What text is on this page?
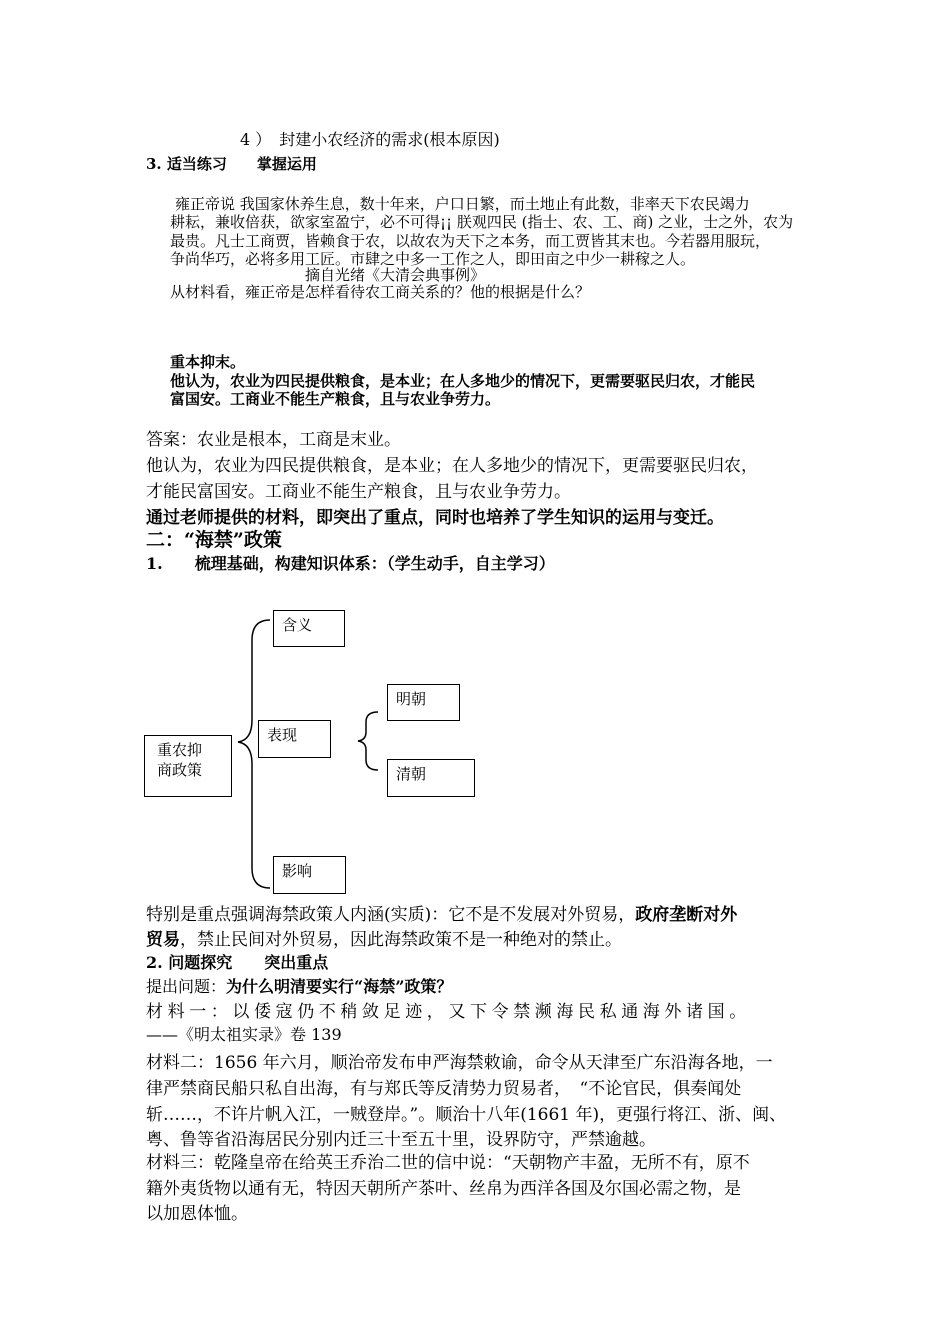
4 ）　封建小农经济的需求(根本原因)
3. 适当练习　　掌握运用
雍正帝说 我国家休养生息，数十年来，户口日繁，而土地止有此数，非率天下农民竭力
耕耘，兼收倍获，欲家室盈宁，必不可得¡¡ 朕观四民 (指士、农、工、商) 之业，士之外，农为
最贵。凡士工商贾，皆赖食于农，以故农为天下之本务，而工贾皆其末也。今若器用服玩，
争尚华巧，必将多用工匠。市肆之中多一工作之人，即田亩之中少一耕稼之人。
摘自光绪《大清会典事例》
从材料看，雍正帝是怎样看待农工商关系的？他的根据是什么？
重本抑末。
他认为，农业为四民提供粮食，是本业；在人多地少的情况下，更需要驱民归农，才能民
富国安。工商业不能生产粮食，且与农业争劳力。
答案：农业是根本，工商是末业。
他认为，农业为四民提供粮食，是本业；在人多地少的情况下，更需要驱民归农，
才能民富国安。工商业不能生产粮食，且与农业争劳力。
通过老师提供的材料，即突出了重点，同时也培养了学生知识的运用与变迁。
二：“海禁”政策
1.　　梳理基础，构建知识体系：（学生动手，自主学习）
重农抑
商政策
含义
表现
明朝
清朝
影响
特别是重点强调海禁政策人内涵(实质)：它不是不发展对外贸易，政府垄断对外
贸易，禁止民间对外贸易，因此海禁政策不是一种绝对的禁止。
2. 问题探究　　突出重点
提出问题：为什么明清要实行“海禁”政策？
材料一：以倭寇仍不稍敛足迹，又下令禁濒海民私通海外诸国。
——《明太祖实录》卷 139
材料二：1656 年六月，顺治帝发布申严海禁敕谕，命令从天津至广东沿海各地，一
律严禁商民船只私自出海，有与郑氏等反清势力贸易者，　“不论官民，俱奏闻处
斩……，不许片帆入江，一贼登岸。”。顺治十八年(1661 年)，更强行将江、浙、闽、
粤、鲁等省沿海居民分别内迁三十至五十里，设界防守，严禁逾越。
材料三：乾隆皇帝在给英王乔治二世的信中说：“天朝物产丰盈，无所不有，原不
籍外夷货物以通有无，特因天朝所产茶叶、丝帛为西洋各国及尔国必需之物，是
以加恩体恤。
